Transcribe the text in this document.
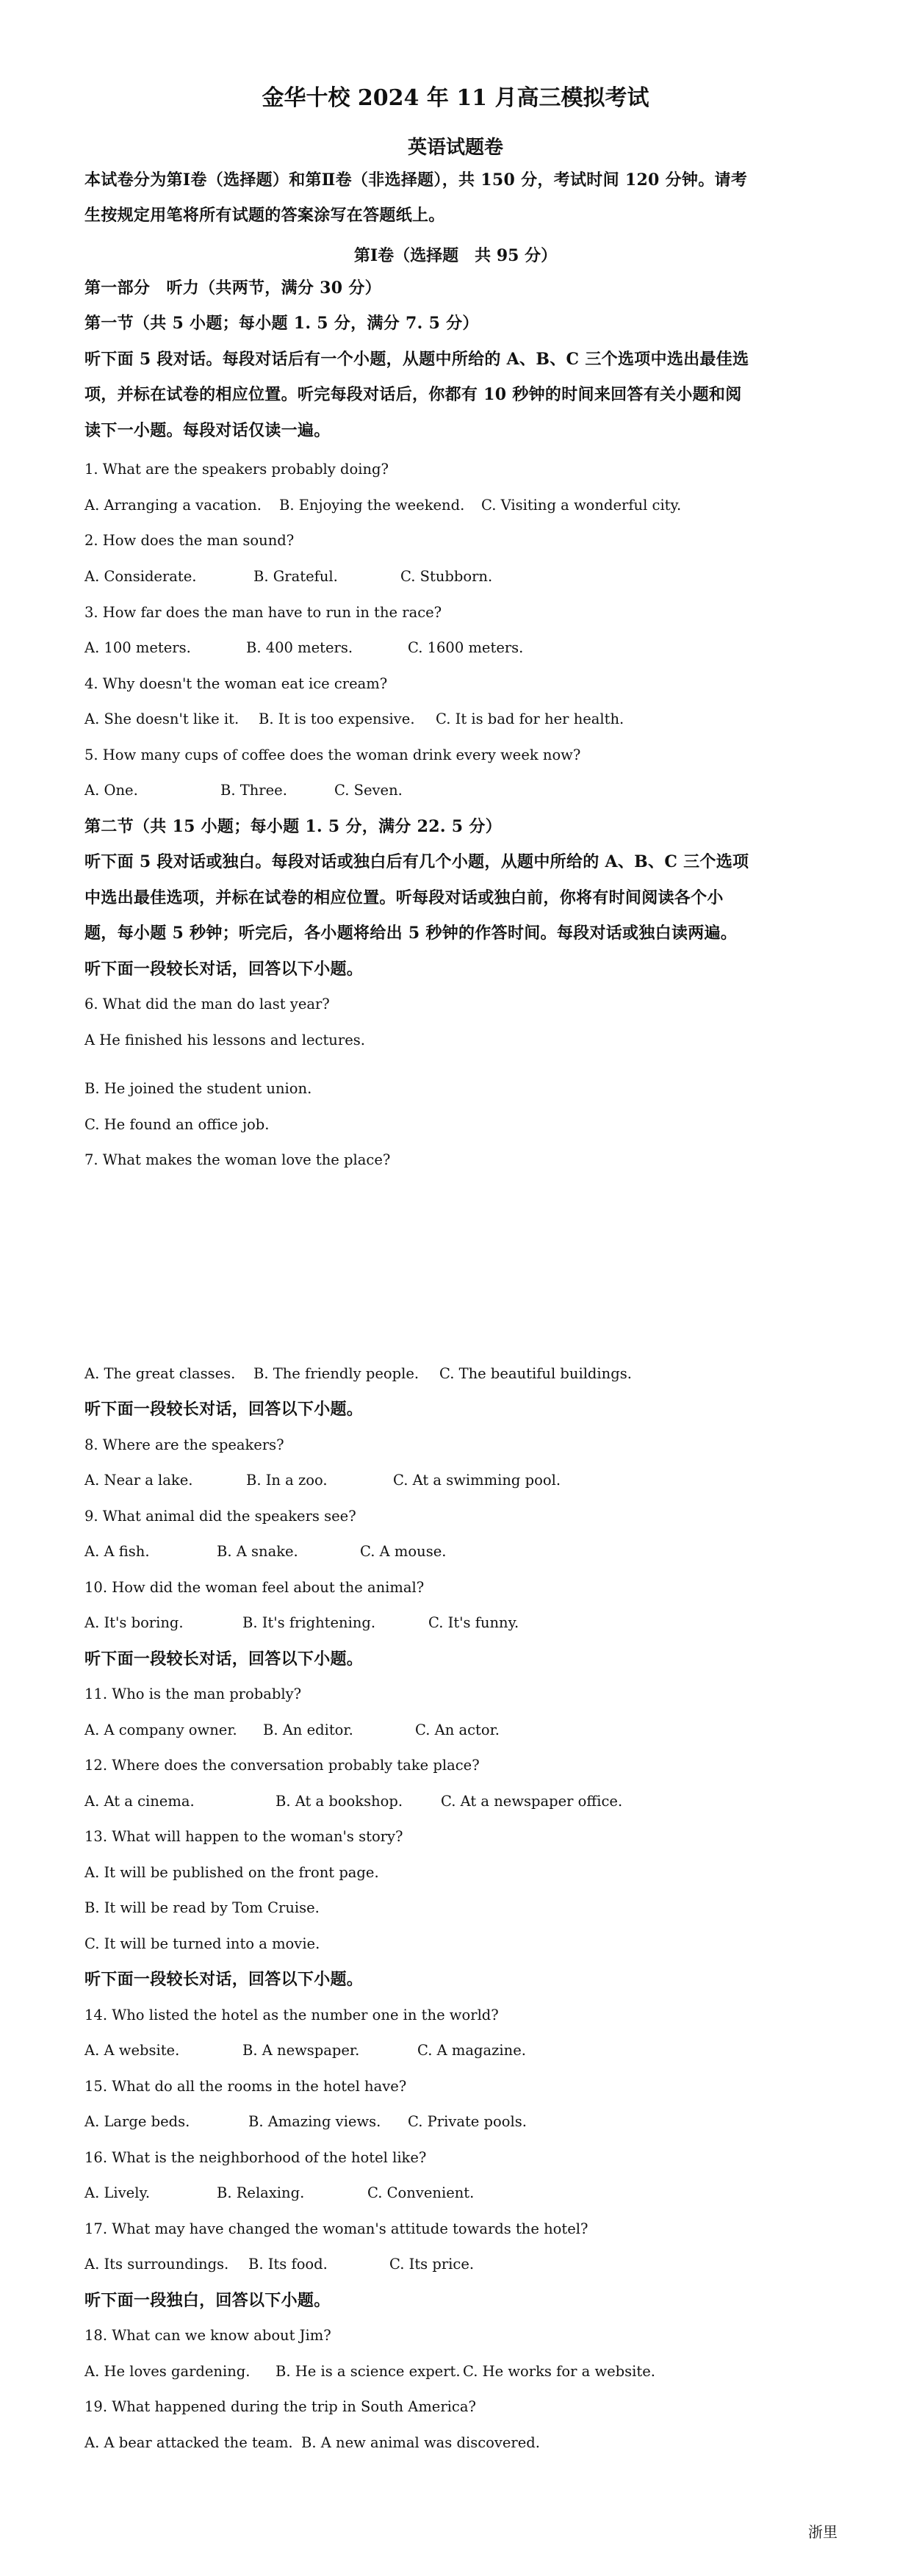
金华十校 2024 年 11 月高三模拟考试
英语试题卷
本试卷分为第Ⅰ卷（选择题）和第Ⅱ卷（非选择题），共 150 分，考试时间 120 分钟。请考
生按规定用笔将所有试题的答案涂写在答题纸上。
第Ⅰ卷（选择题　共 95 分）
第一部分　听力（共两节，满分 30 分）
第一节（共 5 小题；每小题 1. 5 分，满分 7. 5 分）
听下面 5 段对话。每段对话后有一个小题，从题中所给的 A、B、C 三个选项中选出最佳选
项，并标在试卷的相应位置。听完每段对话后，你都有 10 秒钟的时间来回答有关小题和阅
读下一小题。每段对话仅读一遍。
1. What are the speakers probably doing?
A. Arranging a vacation. B. Enjoying the weekend. C. Visiting a wonderful city.
2. How does the man sound?
A. Considerate.	B. Grateful.	C. Stubborn.
3. How far does the man have to run in the race?
A. 100 meters.	B. 400 meters.	C. 1600 meters.
4. Why doesn't the woman eat ice cream?
A. She doesn't like it. B. It is too expensive. C. It is bad for her health.
5. How many cups of coffee does the woman drink every week now?
A. One.	B. Three.	C. Seven.
第二节（共 15 小题；每小题 1. 5 分，满分 22. 5 分）
听下面 5 段对话或独白。每段对话或独白后有几个小题，从题中所给的 A、B、C 三个选项
中选出最佳选项，并标在试卷的相应位置。听每段对话或独白前，你将有时间阅读各个小
题，每小题 5 秒钟；听完后，各小题将给出 5 秒钟的作答时间。每段对话或独白读两遍。
听下面一段较长对话，回答以下小题。
6. What did the man do last year?
A He finished his lessons and lectures.
B. He joined the student union.
C. He found an office job.
7. What makes the woman love the place?
A. The great classes. B. The friendly people. C. The beautiful buildings.
听下面一段较长对话，回答以下小题。
8. Where are the speakers?
A. Near a lake.	B. In a zoo.	C. At a swimming pool.
9. What animal did the speakers see?
A. A fish.	B. A snake.	C. A mouse.
10. How did the woman feel about the animal?
A. It's boring.	B. It's frightening.	C. It's funny.
听下面一段较长对话，回答以下小题。
11. Who is the man probably?
A. A company owner. B. An editor.	C. An actor.
12. Where does the conversation probably take place?
A. At a cinema.	B. At a bookshop.	C. At a newspaper office.
13. What will happen to the woman's story?
A. It will be published on the front page.
B. It will be read by Tom Cruise.
C. It will be turned into a movie.
听下面一段较长对话，回答以下小题。
14. Who listed the hotel as the number one in the world?
A. A website.	B. A newspaper.	C. A magazine.
15. What do all the rooms in the hotel have?
A. Large beds.	B. Amazing views. C. Private pools.
16. What is the neighborhood of the hotel like?
A. Lively.	B. Relaxing.	C. Convenient.
17. What may have changed the woman's attitude towards the hotel?
A. Its surroundings. B. Its food.	C. Its price.
听下面一段独白，回答以下小题。
18. What can we know about Jim?
A. He loves gardening. B. He is a science expert. C. He works for a website.
19. What happened during the trip in South America?
A. A bear attacked the team. B. A new animal was discovered.
浙里
